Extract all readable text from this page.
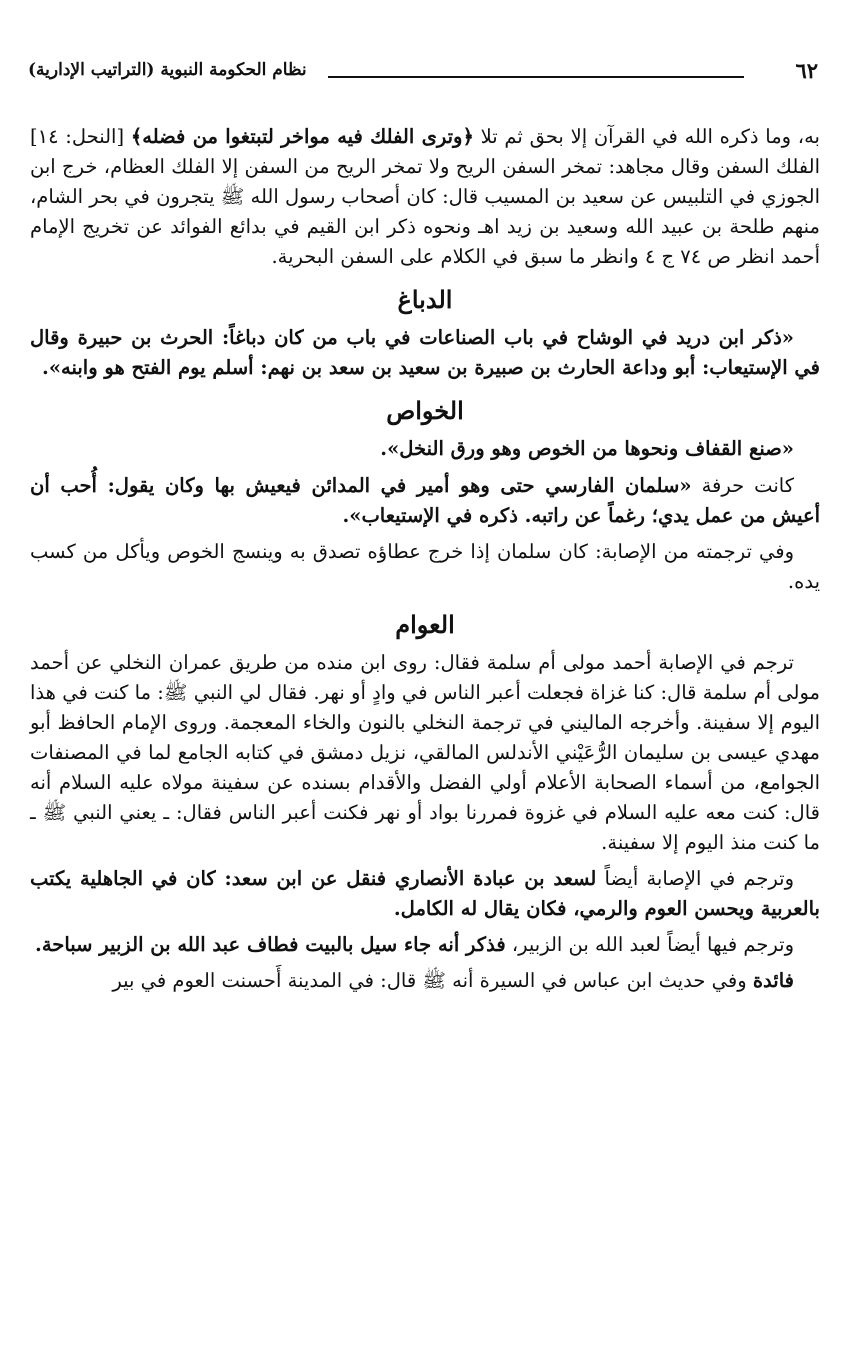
نظام الحكومة النبوية (التراتيب الإدارية)	٦٢

به، وما ذكره الله في القرآن إلا بحق ثم تلا ﴿وترى الفلك فيه مواخر لتبتغوا من فضله﴾ [النحل: ١٤] الفلك السفن وقال مجاهد: تمخر السفن الريح ولا تمخر الريح من السفن إلا الفلك العظام، خرج ابن الجوزي في التلبيس عن سعيد بن المسيب قال: كان أصحاب رسول الله ﷺ يتجرون في بحر الشام، منهم طلحة بن عبيد الله وسعيد بن زيد اهـ ونحوه ذكر ابن القيم في بدائع الفوائد عن تخريج الإمام أحمد انظر ص ٧٤ ج ٤ وانظر ما سبق في الكلام على السفن البحرية.

الدباغ

«ذكر ابن دريد في الوشاح في باب الصناعات في باب من كان دباغاً: الحرث بن حبيرة وقال في الإستيعاب: أبو وداعة الحارث بن صبيرة بن سعيد بن سعد بن نهم: أسلم يوم الفتح هو وابنه».

الخواص

«صنع القفاف ونحوها من الخوص وهو ورق النخل».

كانت حرفة «سلمان الفارسي حتى وهو أمير في المدائن فيعيش بها وكان يقول: أُحب أن أعيش من عمل يدي؛ رغماً عن راتبه. ذكره في الإستيعاب».

وفي ترجمته من الإصابة: كان سلمان إذا خرج عطاؤه تصدق به وينسج الخوص ويأكل من كسب يده.

العوام

ترجم في الإصابة أحمد مولى أم سلمة فقال: روى ابن منده من طريق عمران النخلي عن أحمد مولى أم سلمة قال: كنا غزاة فجعلت أعبر الناس في وادٍ أو نهر. فقال لي النبي ﷺ: ما كنت في هذا اليوم إلا سفينة. وأخرجه الماليني في ترجمة النخلي بالنون والخاء المعجمة. وروى الإمام الحافظ أبو مهدي عيسى بن سليمان الرُّعَيْني الأندلس المالقي، نزيل دمشق في كتابه الجامع لما في المصنفات الجوامع، من أسماء الصحابة الأعلام أولي الفضل والأقدام بسنده عن سفينة مولاه عليه السلام أنه قال: كنت معه عليه السلام في غزوة فمررنا بواد أو نهر فكنت أعبر الناس فقال: ـ يعني النبي ﷺ ـ ما كنت منذ اليوم إلا سفينة.

وترجم في الإصابة أيضاً لسعد بن عبادة الأنصاري فنقل عن ابن سعد: كان في الجاهلية يكتب بالعربية ويحسن العوم والرمي، فكان يقال له الكامل.

وترجم فيها أيضاً لعبد الله بن الزبير، فذكر أنه جاء سيل بالبيت فطاف عبد الله بن الزبير سباحة.

فائدة وفي حديث ابن عباس في السيرة أنه ﷺ قال: في المدينة أَحسنت العوم في بير
